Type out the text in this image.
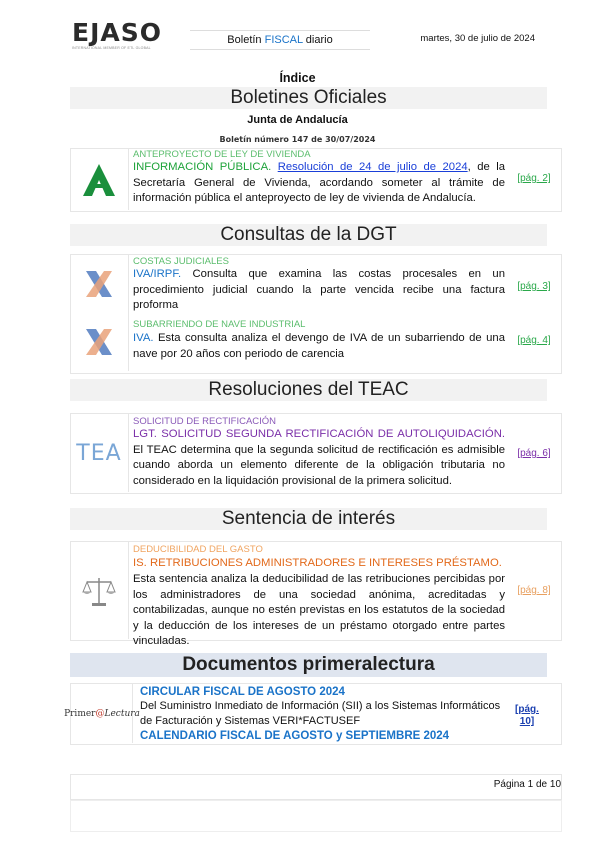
EJASO
INTERNATIONAL MEMBER OF ETL GLOBAL
Boletín FISCAL diario	martes, 30 de julio de 2024
Índice
Boletines Oficiales
Junta de Andalucía
Boletín número 147 de 30/07/2024
ANTEPROYECTO DE LEY DE VIVIENDA
INFORMACIÓN PÚBLICA. Resolución de 24 de julio de 2024, de la Secretaría General de Vivienda, acordando someter al trámite de información pública el anteproyecto de ley de vivienda de Andalucía.
[pág. 2]
Consultas de la DGT
COSTAS JUDICIALES
IVA/IRPF. Consulta que examina las costas procesales en un procedimiento judicial cuando la parte vencida recibe una factura proforma
[pág. 3]
SUBARRIENDO DE NAVE INDUSTRIAL
IVA. Esta consulta analiza el devengo de IVA de un subarriendo de una nave por 20 años con periodo de carencia
[pág. 4]
Resoluciones del TEAC
TEA
SOLICITUD DE RECTIFICACIÓN
LGT. SOLICITUD SEGUNDA RECTIFICACIÓN DE AUTOLIQUIDACIÓN. El TEAC determina que la segunda solicitud de rectificación es admisible cuando aborda un elemento diferente de la obligación tributaria no considerado en la liquidación provisional de la primera solicitud.
[pág. 6]
Sentencia de interés
DEDUCIBILIDAD DEL GASTO
IS. RETRIBUCIONES ADMINISTRADORES E INTERESES PRÉSTAMO.
Esta sentencia analiza la deducibilidad de las retribuciones percibidas por los administradores de una sociedad anónima, acreditadas y contabilizadas, aunque no estén previstas en los estatutos de la sociedad y la deducción de los intereses de un préstamo otorgado entre partes vinculadas.
[pág. 8]
Documentos primeralectura
Primer@Lectura
CIRCULAR FISCAL DE AGOSTO 2024
Del Suministro Inmediato de Información (SII) a los Sistemas Informáticos de Facturación y Sistemas VERI*FACTUSEF
CALENDARIO FISCAL DE AGOSTO y SEPTIEMBRE 2024
[pág.
10]
Página 1 de 10
